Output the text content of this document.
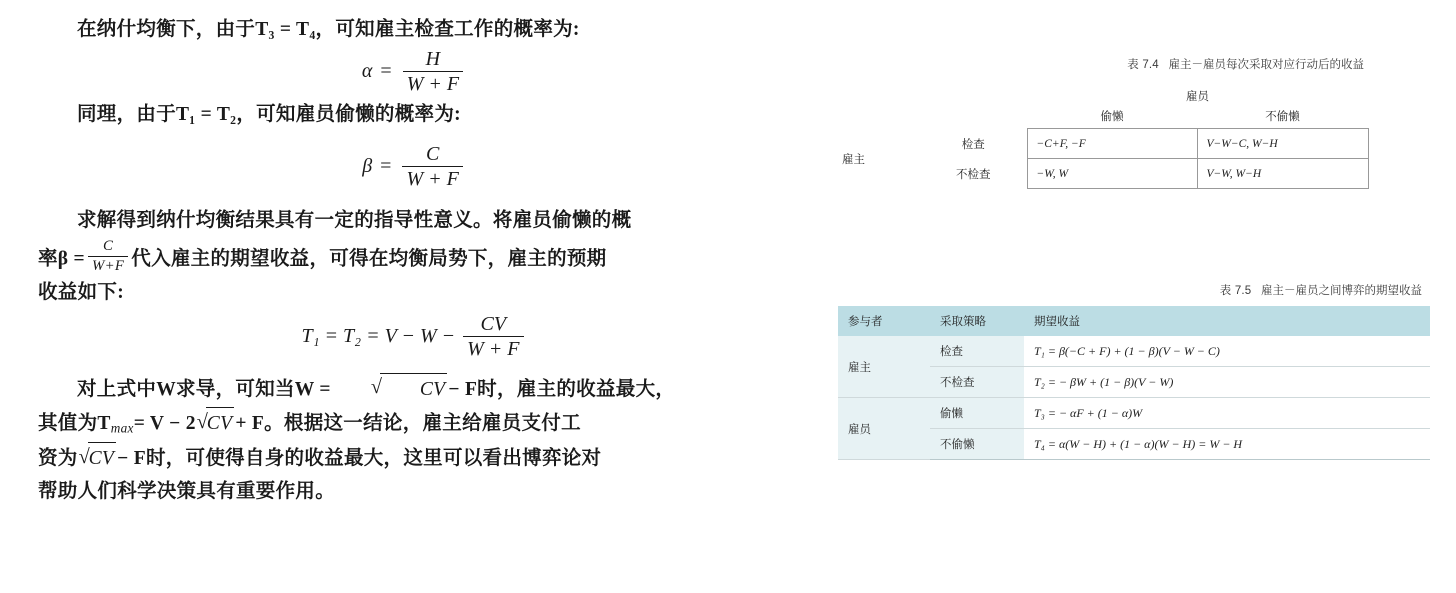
在纳什均衡下，由于T₃ = T₄，可知雇主检查工作的概率为:

$\alpha = \frac{H}{W + F}$

同理，由于T₁ = T₂，可知雇员偷懒的概率为:

$\beta = \frac{C}{W + F}$

求解得到纳什均衡结果具有一定的指导性意义。将雇员偷懒的概

率$\beta = \frac{C}{W+F}$ 代入雇主的期望收益，可得在均衡局势下，雇主的预期

收益如下:

$T_1 = T_2 = V - W - \frac{CV}{W + F}$

对上式中W求导，可知当W =	√ CV − F时，雇主的收益最大，

其值为$T_{max}= V - 2$ √ CV + F。根据这一结论，雇主给雇员支付工

资为 √ CV − F时，可使得自身的收益最大，这里可以看出博弈论对

帮助人们科学决策具有重要作用。

表 7.4 雇主－雇员每次采取对应行动后的收益
雇员
		偷懒	不偷懒
雇主	检查	−C+F, −F	V−W−C, W−H
	不检查	−W, W	V−W, W−H
表 7.5 雇主－雇员之间博弈的期望收益
参与者	采取策略	期望收益
雇主	检查	T₁ = β(−C + F) + (1 − β)(V − W − C)
	不检查	T₂ = − βW + (1 − β)(V − W)
雇员	偷懒	T₃ = − αF + (1 − α)W
	不偷懒	T₄ = α(W − H) + (1 − α)(W − H) = W − H
